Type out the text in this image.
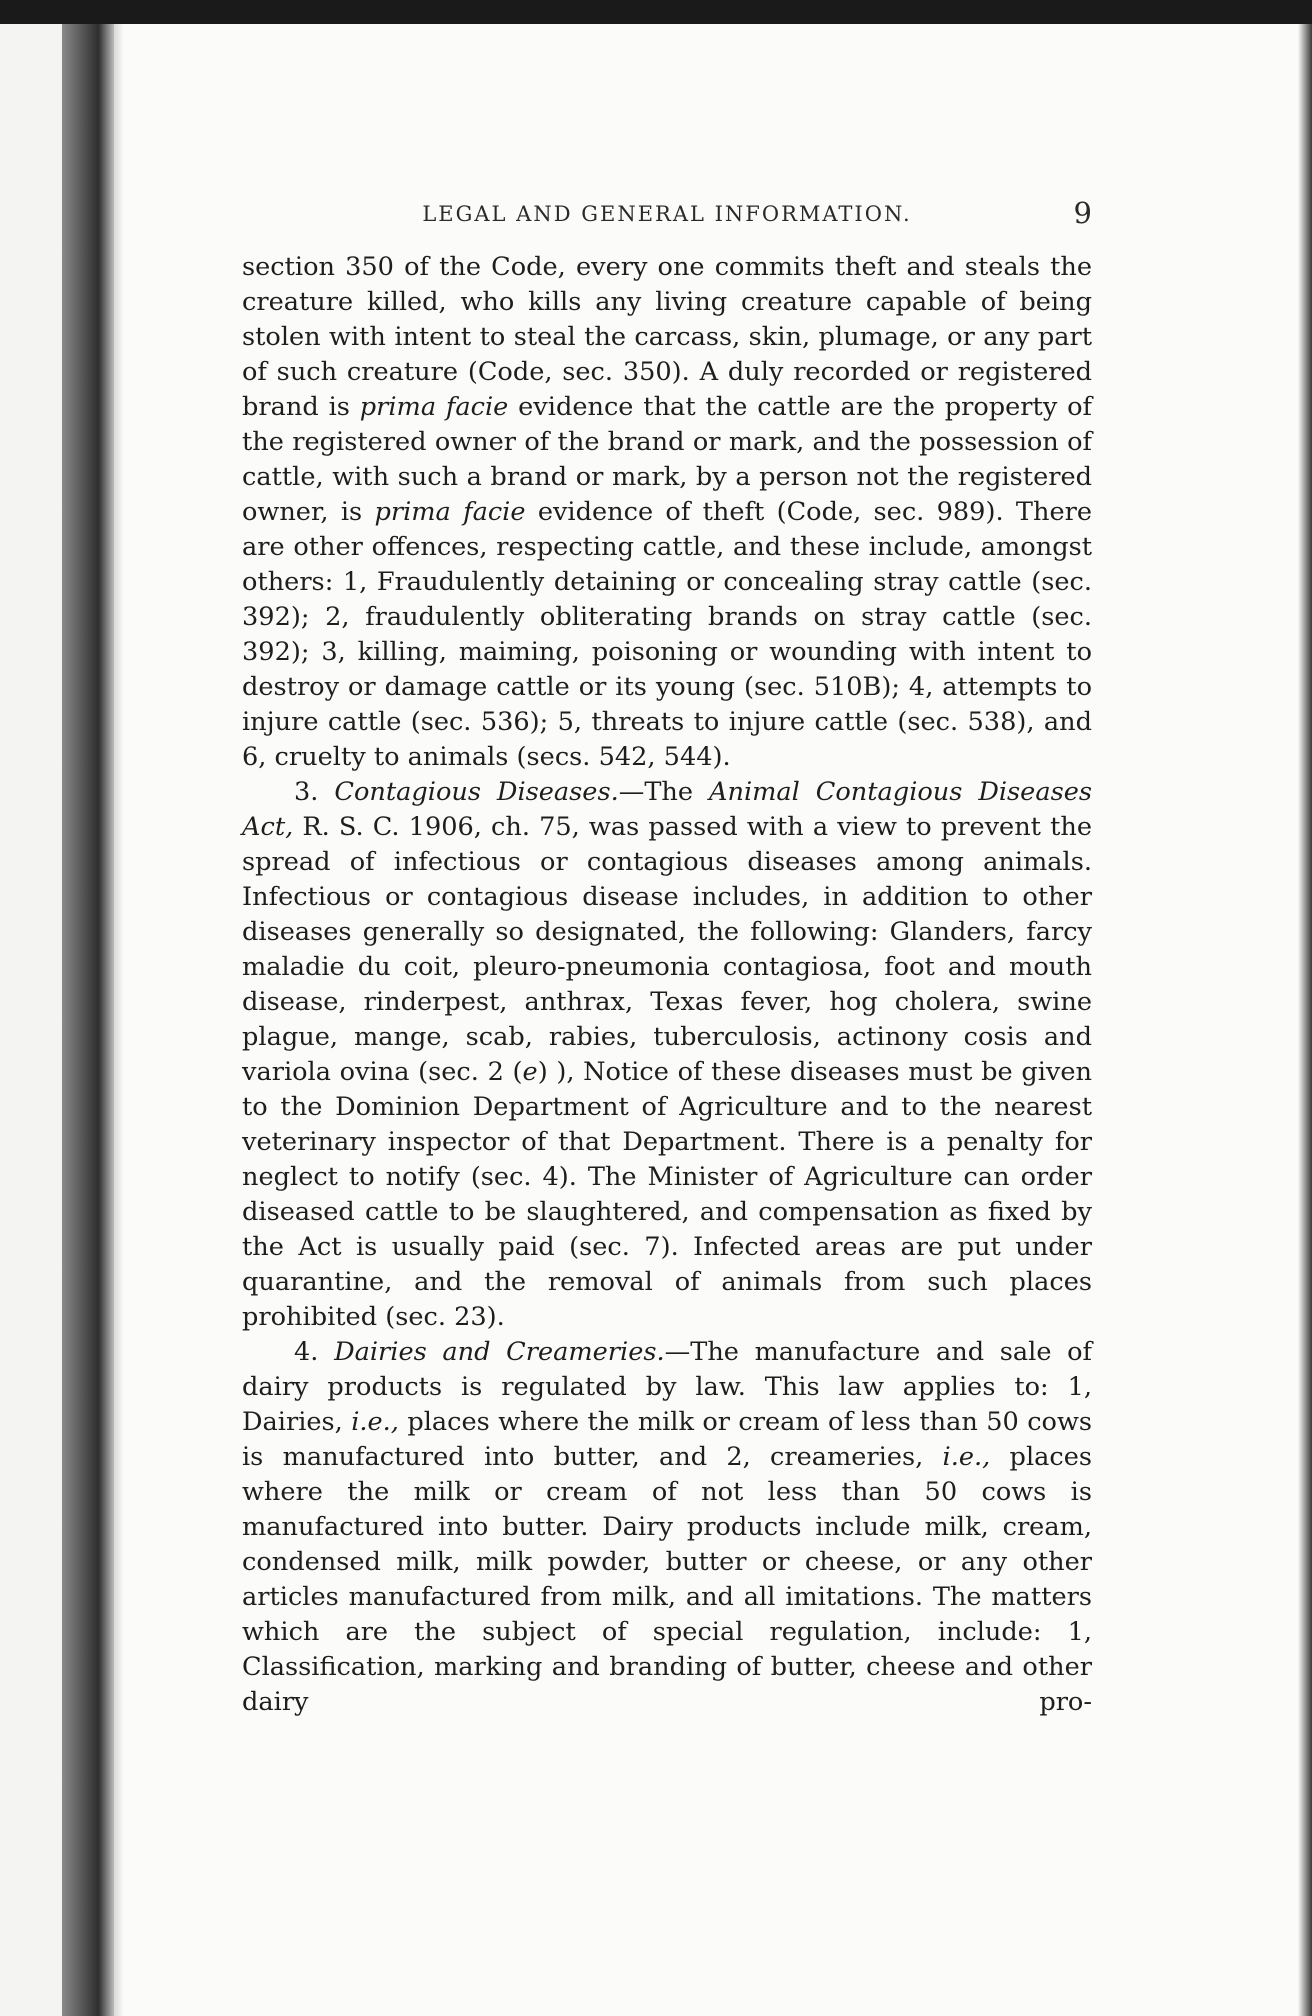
LEGAL AND GENERAL INFORMATION.	9

section 350 of the Code, every one commits theft and steals the creature killed, who kills any living creature capable of being stolen with intent to steal the carcass, skin, plumage, or any part of such creature (Code, sec. 350). A duly recorded or registered brand is prima facie evidence that the cattle are the property of the registered owner of the brand or mark, and the possession of cattle, with such a brand or mark, by a person not the registered owner, is prima facie evidence of theft (Code, sec. 989). There are other offences, respecting cattle, and these include, amongst others: 1, Fraudulently detaining or concealing stray cattle (sec. 392); 2, fraudulently obliterating brands on stray cattle (sec. 392); 3, killing, maiming, poisoning or wounding with intent to destroy or damage cattle or its young (sec. 510B); 4, attempts to injure cattle (sec. 536); 5, threats to injure cattle (sec. 538), and 6, cruelty to animals (secs. 542, 544).

3. Contagious Diseases.—The Animal Contagious Diseases Act, R. S. C. 1906, ch. 75, was passed with a view to prevent the spread of infectious or contagious diseases among animals. Infectious or contagious disease includes, in addition to other diseases generally so designated, the following: Glanders, farcy maladie du coit, pleuro-pneumonia contagiosa, foot and mouth disease, rinderpest, anthrax, Texas fever, hog cholera, swine plague, mange, scab, rabies, tuberculosis, actinony cosis and variola ovina (sec. 2 (e) ), Notice of these diseases must be given to the Dominion Department of Agriculture and to the nearest veterinary inspector of that Department. There is a penalty for neglect to notify (sec. 4). The Minister of Agriculture can order diseased cattle to be slaughtered, and compensation as fixed by the Act is usually paid (sec. 7). Infected areas are put under quarantine, and the removal of animals from such places prohibited (sec. 23).

4. Dairies and Creameries.—The manufacture and sale of dairy products is regulated by law. This law applies to: 1, Dairies, i.e., places where the milk or cream of less than 50 cows is manufactured into butter, and 2, creameries, i.e., places where the milk or cream of not less than 50 cows is manufactured into butter. Dairy products include milk, cream, condensed milk, milk powder, butter or cheese, or any other articles manufactured from milk, and all imitations. The matters which are the subject of special regulation, include: 1, Classification, marking and branding of butter, cheese and other dairy pro-
